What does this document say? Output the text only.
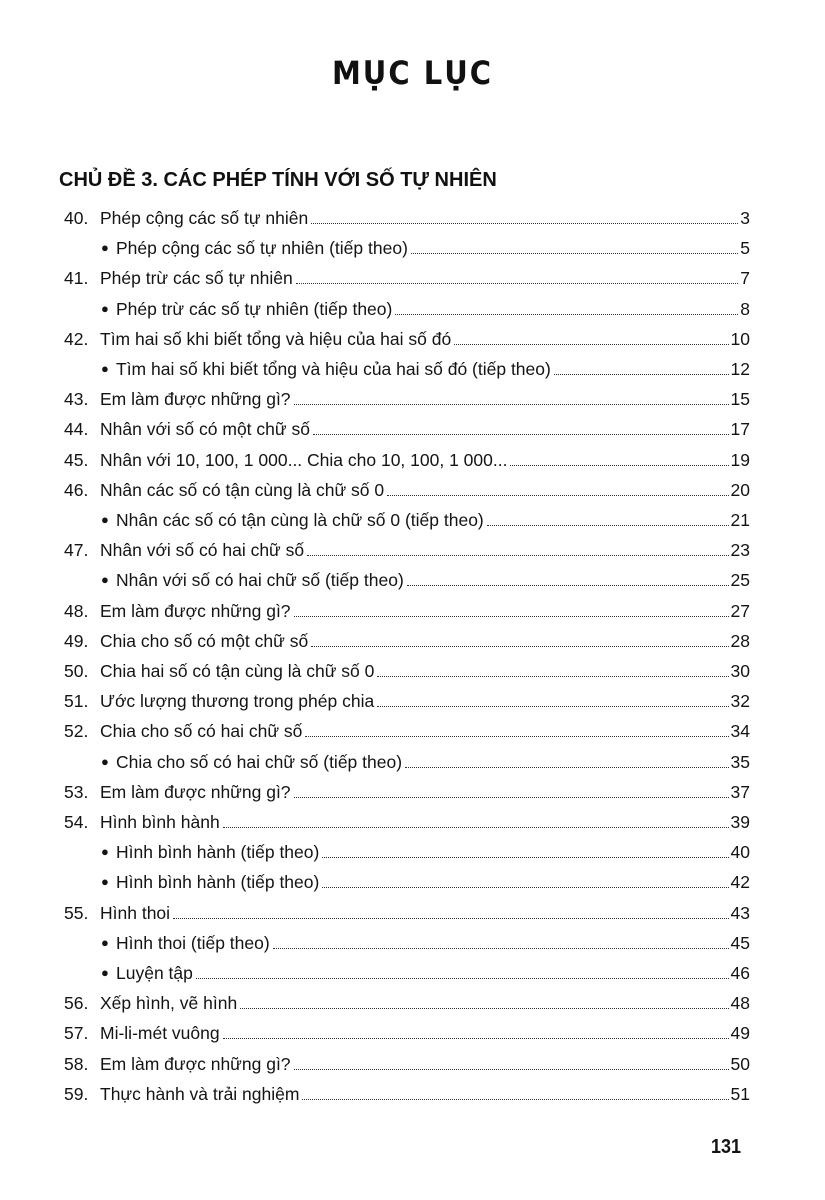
MỤC LỤC
CHỦ ĐỀ 3. CÁC PHÉP TÍNH VỚI SỐ TỰ NHIÊN
40. Phép cộng các số tự nhiên	3
● Phép cộng các số tự nhiên (tiếp theo)	5
41. Phép trừ các số tự nhiên	7
● Phép trừ các số tự nhiên (tiếp theo)	8
42. Tìm hai số khi biết tổng và hiệu của hai số đó	10
● Tìm hai số khi biết tổng và hiệu của hai số đó (tiếp theo)	12
43. Em làm được những gì?	15
44. Nhân với số có một chữ số	17
45. Nhân với 10, 100, 1 000... Chia cho 10, 100, 1 000...	19
46. Nhân các số có tận cùng là chữ số 0	20
● Nhân các số có tận cùng là chữ số 0 (tiếp theo)	21
47. Nhân với số có hai chữ số	23
● Nhân với số có hai chữ số (tiếp theo)	25
48. Em làm được những gì?	27
49. Chia cho số có một chữ số	28
50. Chia hai số có tận cùng là chữ số 0	30
51. Ước lượng thương trong phép chia	32
52. Chia cho số có hai chữ số	34
● Chia cho số có hai chữ số (tiếp theo)	35
53. Em làm được những gì?	37
54. Hình bình hành	39
● Hình bình hành (tiếp theo)	40
● Hình bình hành (tiếp theo)	42
55. Hình thoi	43
● Hình thoi (tiếp theo)	45
● Luyện tập	46
56. Xếp hình, vẽ hình	48
57. Mi-li-mét vuông	49
58. Em làm được những gì?	50
59. Thực hành và trải nghiệm	51
131
